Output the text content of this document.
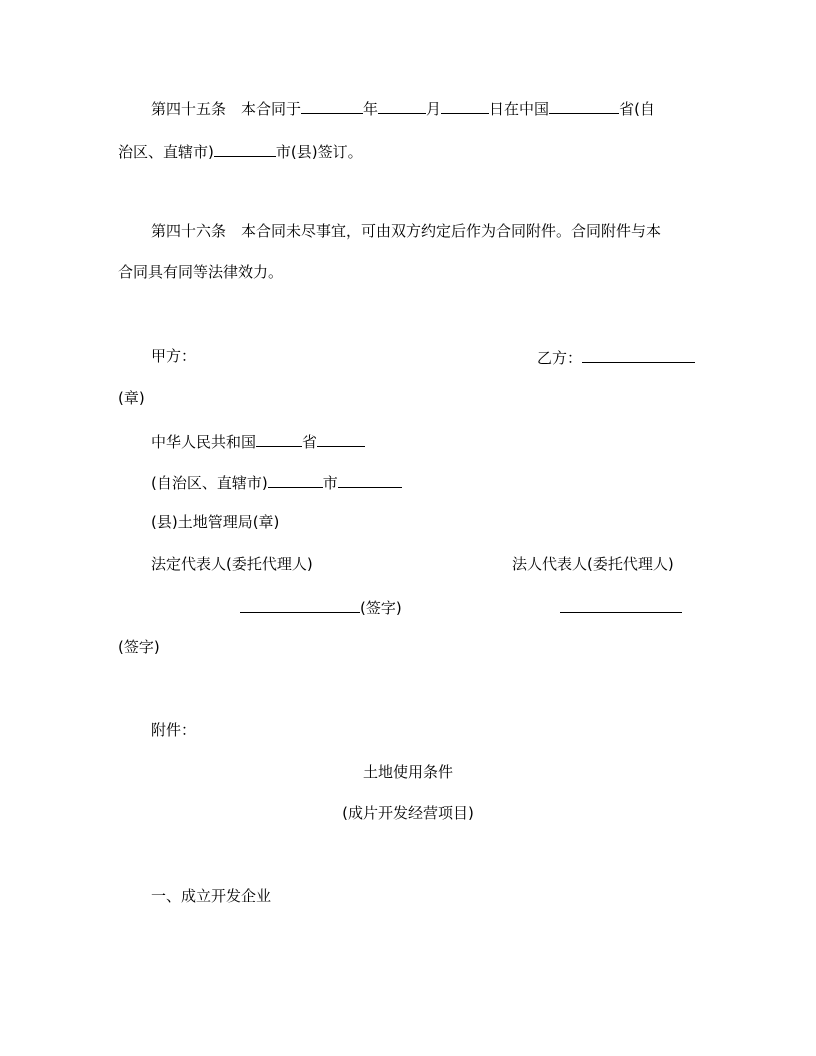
第四十五条　本合同于	年	月	日在中国	省(自
治区、直辖市)	市(县)签订。
第四十六条　本合同未尽事宜，可由双方约定后作为合同附件。合同附件与本
合同具有同等法律效力。
甲方：	乙方：
(章)
中华人民共和国	省
(自治区、直辖市)	市
(县)土地管理局(章)
法定代表人(委托代理人)	法人代表人(委托代理人)
(签字)
(签字)
附件：
土地使用条件
(成片开发经营项目)
一、成立开发企业
